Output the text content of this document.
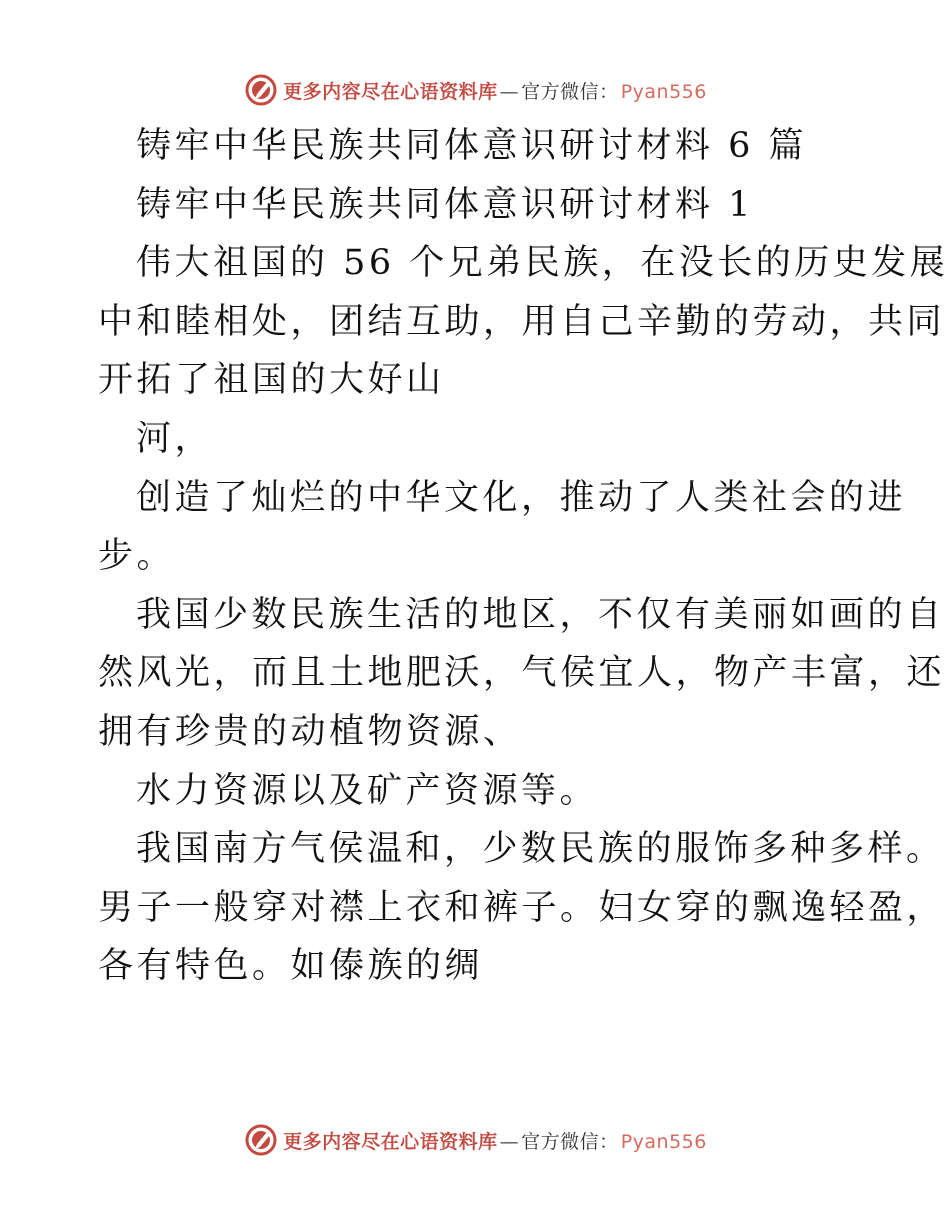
更多内容尽在心语资料库 — 官方微信： Pyan556
铸牢中华民族共同体意识研讨材料 6 篇
铸牢中华民族共同体意识研讨材料 1
伟大祖国的 56 个兄弟民族，在没长的历史发展
中和睦相处，团结互助，用自己辛勤的劳动，共同
开拓了祖国的大好山
河，
创造了灿烂的中华文化，推动了人类社会的进
步。
我国少数民族生活的地区，不仅有美丽如画的自
然风光，而且土地肥沃，气侯宜人，物产丰富，还
拥有珍贵的动植物资源、
水力资源以及矿产资源等。
我国南方气侯温和，少数民族的服饰多种多样。
男子一般穿对襟上衣和裤子。妇女穿的飘逸轻盈，
各有特色。如傣族的绸
更多内容尽在心语资料库 — 官方微信： Pyan556
